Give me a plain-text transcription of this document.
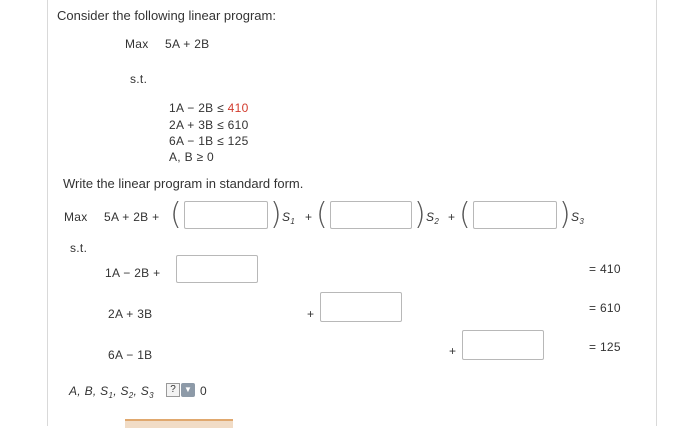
Consider the following linear program:
Max 5A + 2B
s.t.
1A − 2B ≤ 410
2A + 3B ≤ 610
6A − 1B ≤ 125
A, B ≥ 0
Write the linear program in standard form.
Max 5A + 2B + (	) $S_1$ + (	) $S_2$ + (	) $S_3$
s.t.
1A − 2B +	= 410
2A + 3B	+	= 610
6A − 1B	+	= 125
A, B, $S_1$, $S_2$, $S_3$
?	▼ 0
